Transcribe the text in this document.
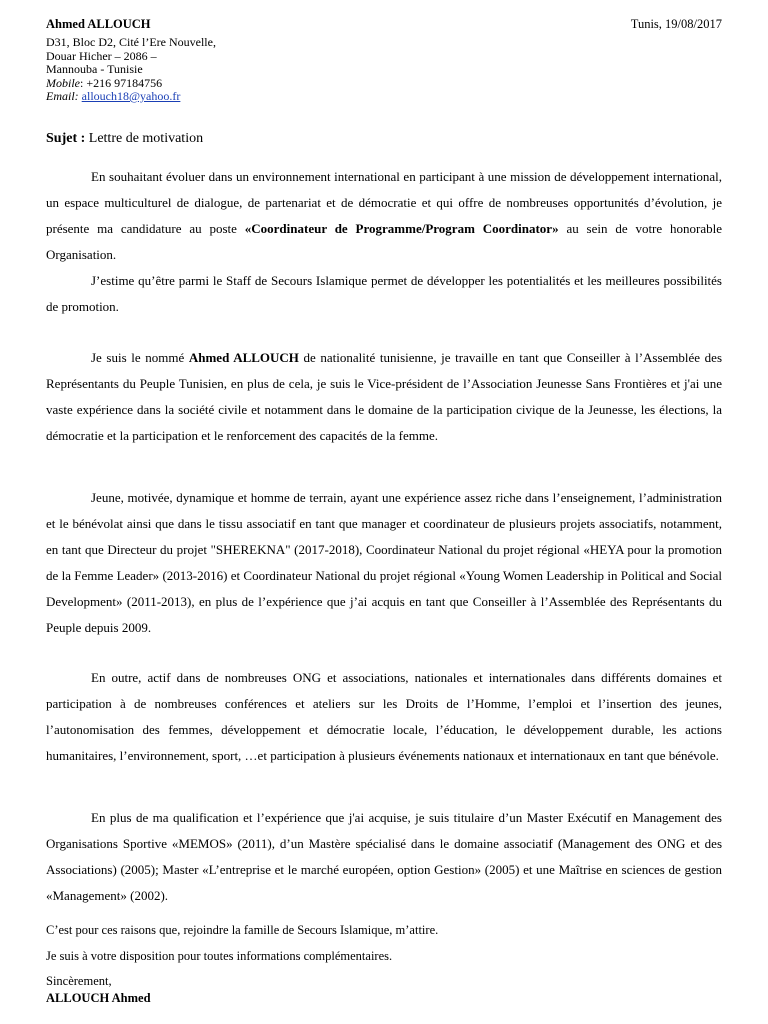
Ahmed ALLOUCH	Tunis, 19/08/2017
D31, Bloc D2, Cité l’Ere Nouvelle,
Douar Hicher – 2086 –
Mannouba - Tunisie
Mobile: +216 97184756
Email: allouch18@yahoo.fr
Sujet : Lettre de motivation

En souhaitant évoluer dans un environnement international en participant à une mission de développement international, un espace multiculturel de dialogue, de partenariat et de démocratie et qui offre de nombreuses opportunités d’évolution, je présente ma candidature au poste «Coordinateur de Programme/Program Coordinator» au sein de votre honorable Organisation.

J’estime qu’être parmi le Staff de Secours Islamique permet de développer les potentialités et les meilleures possibilités de promotion.

Je suis le nommé Ahmed ALLOUCH de nationalité tunisienne, je travaille en tant que Conseiller à l’Assemblée des Représentants du Peuple Tunisien, en plus de cela, je suis le Vice-président de l’Association Jeunesse Sans Frontières et j'ai une vaste expérience dans la société civile et notamment dans le domaine de la participation civique de la Jeunesse, les élections, la démocratie et la participation et le renforcement des capacités de la femme.

Jeune, motivée, dynamique et homme de terrain, ayant une expérience assez riche dans l’enseignement, l’administration et le bénévolat ainsi que dans le tissu associatif en tant que manager et coordinateur de plusieurs projets associatifs, notamment, en tant que Directeur du projet "SHEREKNA" (2017-2018), Coordinateur National du projet régional «HEYA pour la promotion de la Femme Leader» (2013-2016) et Coordinateur National du projet régional «Young Women Leadership in Political and Social Development» (2011-2013), en plus de l’expérience que j’ai acquis en tant que Conseiller à l’Assemblée des Représentants du Peuple depuis 2009.

En outre, actif dans de nombreuses ONG et associations, nationales et internationales dans différents domaines et participation à de nombreuses conférences et ateliers sur les Droits de l’Homme, l’emploi et l’insertion des jeunes, l’autonomisation des femmes, développement et démocratie locale, l’éducation, le développement durable, les actions humanitaires, l’environnement, sport, …et participation à plusieurs événements nationaux et internationaux en tant que bénévole.

En plus de ma qualification et l’expérience que j'ai acquise, je suis titulaire d’un Master Exécutif en Management des Organisations Sportive «MEMOS» (2011), d’un Mastère spécialisé dans le domaine associatif (Management des ONG et des Associations) (2005); Master «L’entreprise et le marché européen, option Gestion» (2005) et une Maîtrise en sciences de gestion «Management» (2002).

C’est pour ces raisons que, rejoindre la famille de Secours Islamique, m’attire.
Je suis à votre disposition pour toutes informations complémentaires.
Sincèrement,
ALLOUCH Ahmed
